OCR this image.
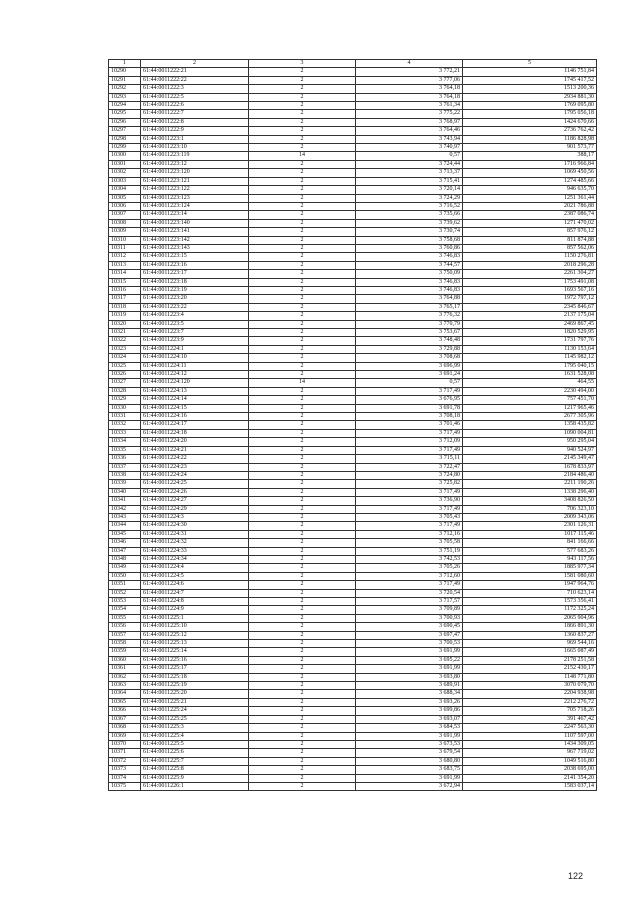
1	2	3	4	5
10290	61:44:0011222:21	2	3 772,21	1146 751,84
10291	61:44:0011222:22	2	3 777,06	1745 417,52
10292	61:44:0011222:3	2	3 764,18	1513 200,36
10293	61:44:0011222:5	2	3 764,18	2934 881,30
10294	61:44:0011222:6	2	3 761,34	1769 095,80
10295	61:44:0011222:7	2	3 775,22	1795 056,18
10296	61:44:0011222:8	2	3 768,97	1424 670,66
10297	61:44:0011222:9	2	3 764,46	2736 762,42
10298	61:44:0011223:1	2	3 743,94	1186 828,98
10299	61:44:0011223:10	2	3 740,97	901 573,77
10300	61:44:0011223:119	14	0,57	388,17
10301	61:44:0011223:12	2	3 724,44	1716 966,84
10302	61:44:0011223:120	2	3 713,37	1069 450,56
10303	61:44:0011223:121	2	3 715,41	1274 485,66
10304	61:44:0011223:122	2	3 720,14	946 635,70
10305	61:44:0011223:123	2	3 724,29	1251 361,44
10306	61:44:0011223:124	2	3 716,52	2021 786,88
10307	61:44:0011223:14	2	3 735,66	2387 086,74
10308	61:44:0011223:140	2	3 739,62	1271 470,02
10309	61:44:0011223:141	2	3 730,74	857 976,12
10310	61:44:0011223:142	2	3 758,68	811 874,88
10311	61:44:0011223:143	2	3 760,86	857 562,06
10312	61:44:0011223:15	2	3 746,83	1150 276,81
10313	61:44:0011223:16	2	3 744,57	2018 296,28
10314	61:44:0011223:17	2	3 750,09	2261 304,27
10315	61:44:0011223:18	2	3 746,83	1753 491,08
10316	61:44:0011223:19	2	3 746,83	1693 567,16
10317	61:44:0011223:20	2	3 764,88	1972 797,12
10318	61:44:0011223:22	2	3 765,17	2345 846,67
10319	61:44:0011223:4	2	3 776,32	2137 175,04
10320	61:44:0011223:5	2	3 770,79	2469 867,45
10321	61:44:0011223:7	2	3 753,67	1820 529,95
10322	61:44:0011223:9	2	3 748,48	1731 797,76
10323	61:44:0011224:1	2	3 729,88	1130 153,64
10324	61:44:0011224:10	2	3 708,68	1145 982,12
10325	61:44:0011224:11	2	3 696,99	1795 040,15
10326	61:44:0011224:12	2	3 691,24	1631 528,08
10327	61:44:0011224:120	14	0,57	464,55
10328	61:44:0011224:13	2	3 717,49	2230 494,00
10329	61:44:0011224:14	2	3 676,95	757 451,70
10330	61:44:0011224:15	2	3 691,78	1217 965,46
10331	61:44:0011224:16	2	3 708,18	2677 305,96
10332	61:44:0011224:17	2	3 701,46	1358 435,82
10333	61:44:0011224:18	2	3 717,49	1090 004,81
10334	61:44:0011224:20	2	3 712,09	950 295,04
10335	61:44:0011224:21	2	3 717,49	940 524,97
10336	61:44:0011224:22	2	3 715,11	2145 349,47
10337	61:44:0011224:23	2	3 722,47	1678 833,97
10338	61:44:0011224:24	2	3 724,80	2184 486,40
10339	61:44:0011224:25	2	3 725,82	2211 190,26
10340	61:44:0011224:26	2	3 717,49	1338 296,40
10341	61:44:0011224:27	2	3 736,90	3408 826,50
10342	61:44:0011224:29	2	3 717,49	706 323,10
10343	61:44:0011224:3	2	3 705,43	2009 343,06
10344	61:44:0011224:30	2	3 717,49	2301 126,31
10345	61:44:0011224:31	2	3 712,16	1017 115,46
10346	61:44:0011224:32	2	3 705,58	841 166,66
10347	61:44:0011224:33	2	3 751,19	577 683,26
10348	61:44:0011224:34	2	3 742,53	943 117,56
10349	61:44:0011224:4	2	3 705,26	1885 977,34
10350	61:44:0011224:5	2	3 712,60	1581 080,60
10351	61:44:0011224:6	2	3 717,49	1947 964,76
10352	61:44:0011224:7	2	3 720,54	710 623,14
10353	61:44:0011224:8	2	3 717,57	1573 356,41
10354	61:44:0011224:9	2	3 709,89	1172 325,24
10355	61:44:0011225:1	2	3 700,93	2065 904,96
10356	61:44:0011225:10	2	3 690,45	1866 891,30
10357	61:44:0011225:12	2	3 697,47	1360 837,27
10358	61:44:0011225:13	2	3 700,53	969 544,16
10359	61:44:0011225:14	2	3 691,99	1665 087,49
10360	61:44:0011225:16	2	3 695,22	2178 251,58
10361	61:44:0011225:17	2	3 691,99	2152 430,17
10362	61:44:0011225:18	2	3 693,80	1148 771,80
10363	61:44:0011225:19	2	3 689,91	3070 079,70
10364	61:44:0011225:20	2	3 688,34	2204 938,98
10365	61:44:0011225:21	2	3 693,26	2212 276,72
10366	61:44:0011225:24	2	3 699,86	705 718,26
10367	61:44:0011225:25	2	3 693,07	391 467,42
10368	61:44:0011225:3	2	3 684,53	2247 563,30
10369	61:44:0011225:4	2	3 691,99	1107 597,00
10370	61:44:0011225:5	2	3 673,53	1434 309,05
10371	61:44:0011225:6	2	3 679,54	967 719,02
10372	61:44:0011225:7	2	3 680,80	1049 516,80
10373	61:44:0011225:8	2	3 683,75	2038 695,00
10374	61:44:0011225:9	2	3 691,99	2141 354,20
10375	61:44:0011226:1	2	3 672,94	1583 037,14
122
